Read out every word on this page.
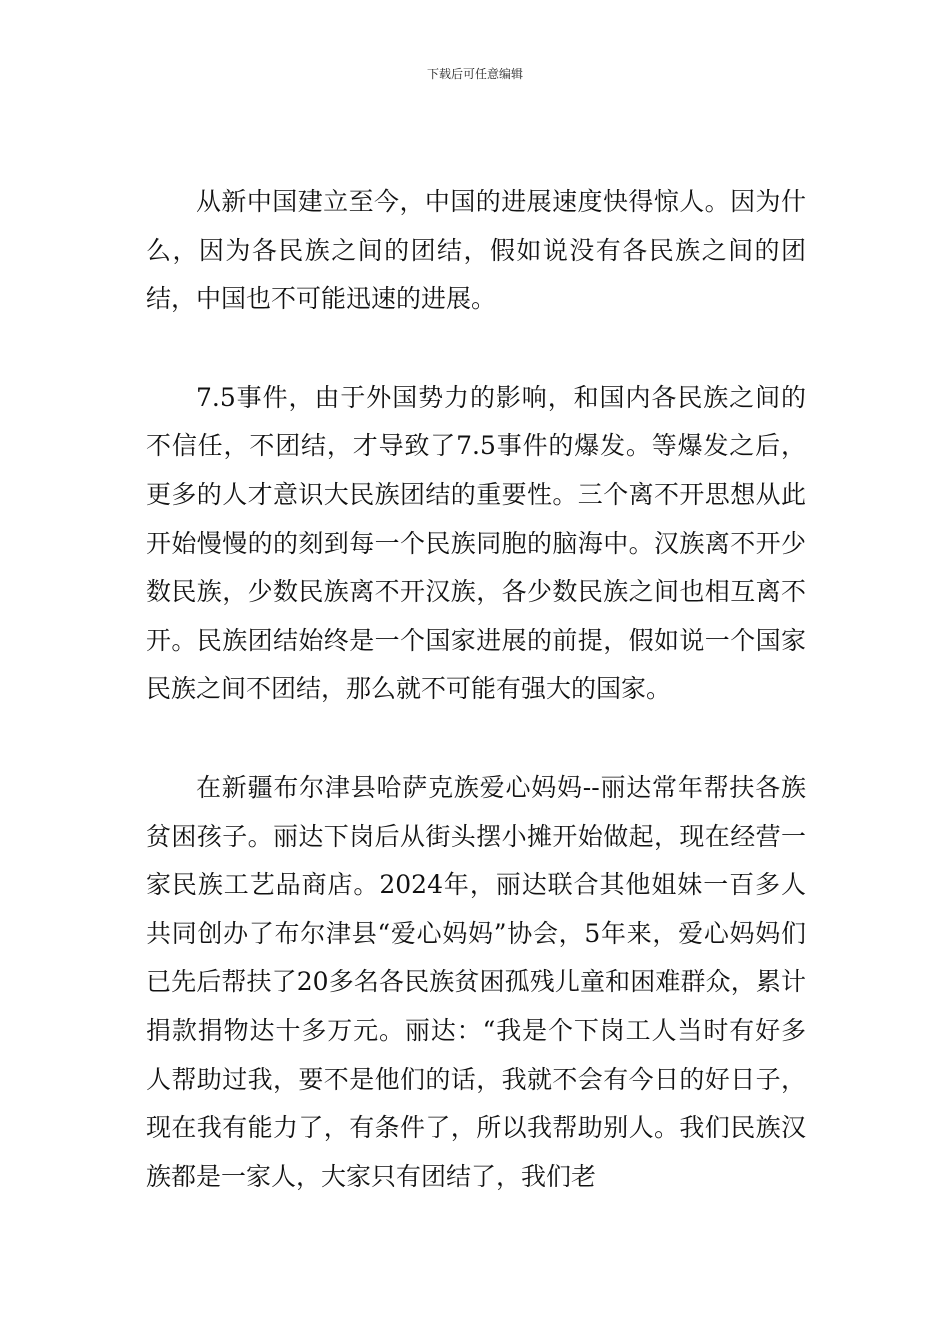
下载后可任意编辑

从新中国建立至今，中国的进展速度快得惊人。因为什么，因为各民族之间的团结，假如说没有各民族之间的团结，中国也不可能迅速的进展。

7.5事件，由于外国势力的影响，和国内各民族之间的不信任，不团结，才导致了7.5事件的爆发。等爆发之后，更多的人才意识大民族团结的重要性。三个离不开思想从此开始慢慢的的刻到每一个民族同胞的脑海中。汉族离不开少数民族，少数民族离不开汉族，各少数民族之间也相互离不开。民族团结始终是一个国家进展的前提，假如说一个国家民族之间不团结，那么就不可能有强大的国家。

在新疆布尔津县哈萨克族爱心妈妈--丽达常年帮扶各族贫困孩子。丽达下岗后从街头摆小摊开始做起，现在经营一家民族工艺品商店。2024年，丽达联合其他姐妹一百多人共同创办了布尔津县“爱心妈妈”协会，5年来，爱心妈妈们已先后帮扶了20多名各民族贫困孤残儿童和困难群众，累计捐款捐物达十多万元。丽达：“我是个下岗工人当时有好多人帮助过我，要不是他们的话，我就不会有今日的好日子，现在我有能力了，有条件了，所以我帮助别人。我们民族汉族都是一家人，大家只有团结了，我们老
